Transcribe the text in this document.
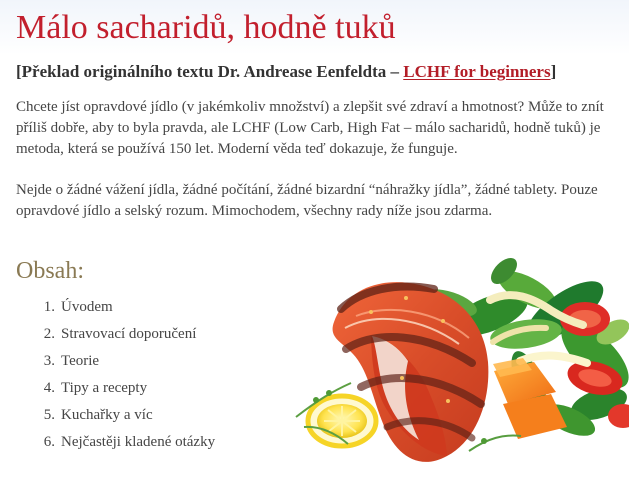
Málo sacharidů, hodně tuků

[Překlad originálního textu Dr. Andrease Eenfeldta – LCHF for beginners]

Chcete jíst opravdové jídlo (v jakémkoliv množství) a zlepšit své zdraví a hmotnost? Může to znít příliš dobře, aby to byla pravda, ale LCHF (Low Carb, High Fat – málo sacharidů, hodně tuků) je metoda, která se používá 150 let. Moderní věda teď dokazuje, že funguje.

Nejde o žádné vážení jídla, žádné počítání, žádné bizardní “náhražky jídla”, žádné tablety. Pouze opravdové jídlo a selský rozum. Mimochodem, všechny rady níže jsou zdarma.

Obsah:
1. Úvodem
2. Stravovací doporučení
3. Teorie
4. Tipy a recepty
5. Kuchařky a víc
6. Nejčastěji kladené otázky
